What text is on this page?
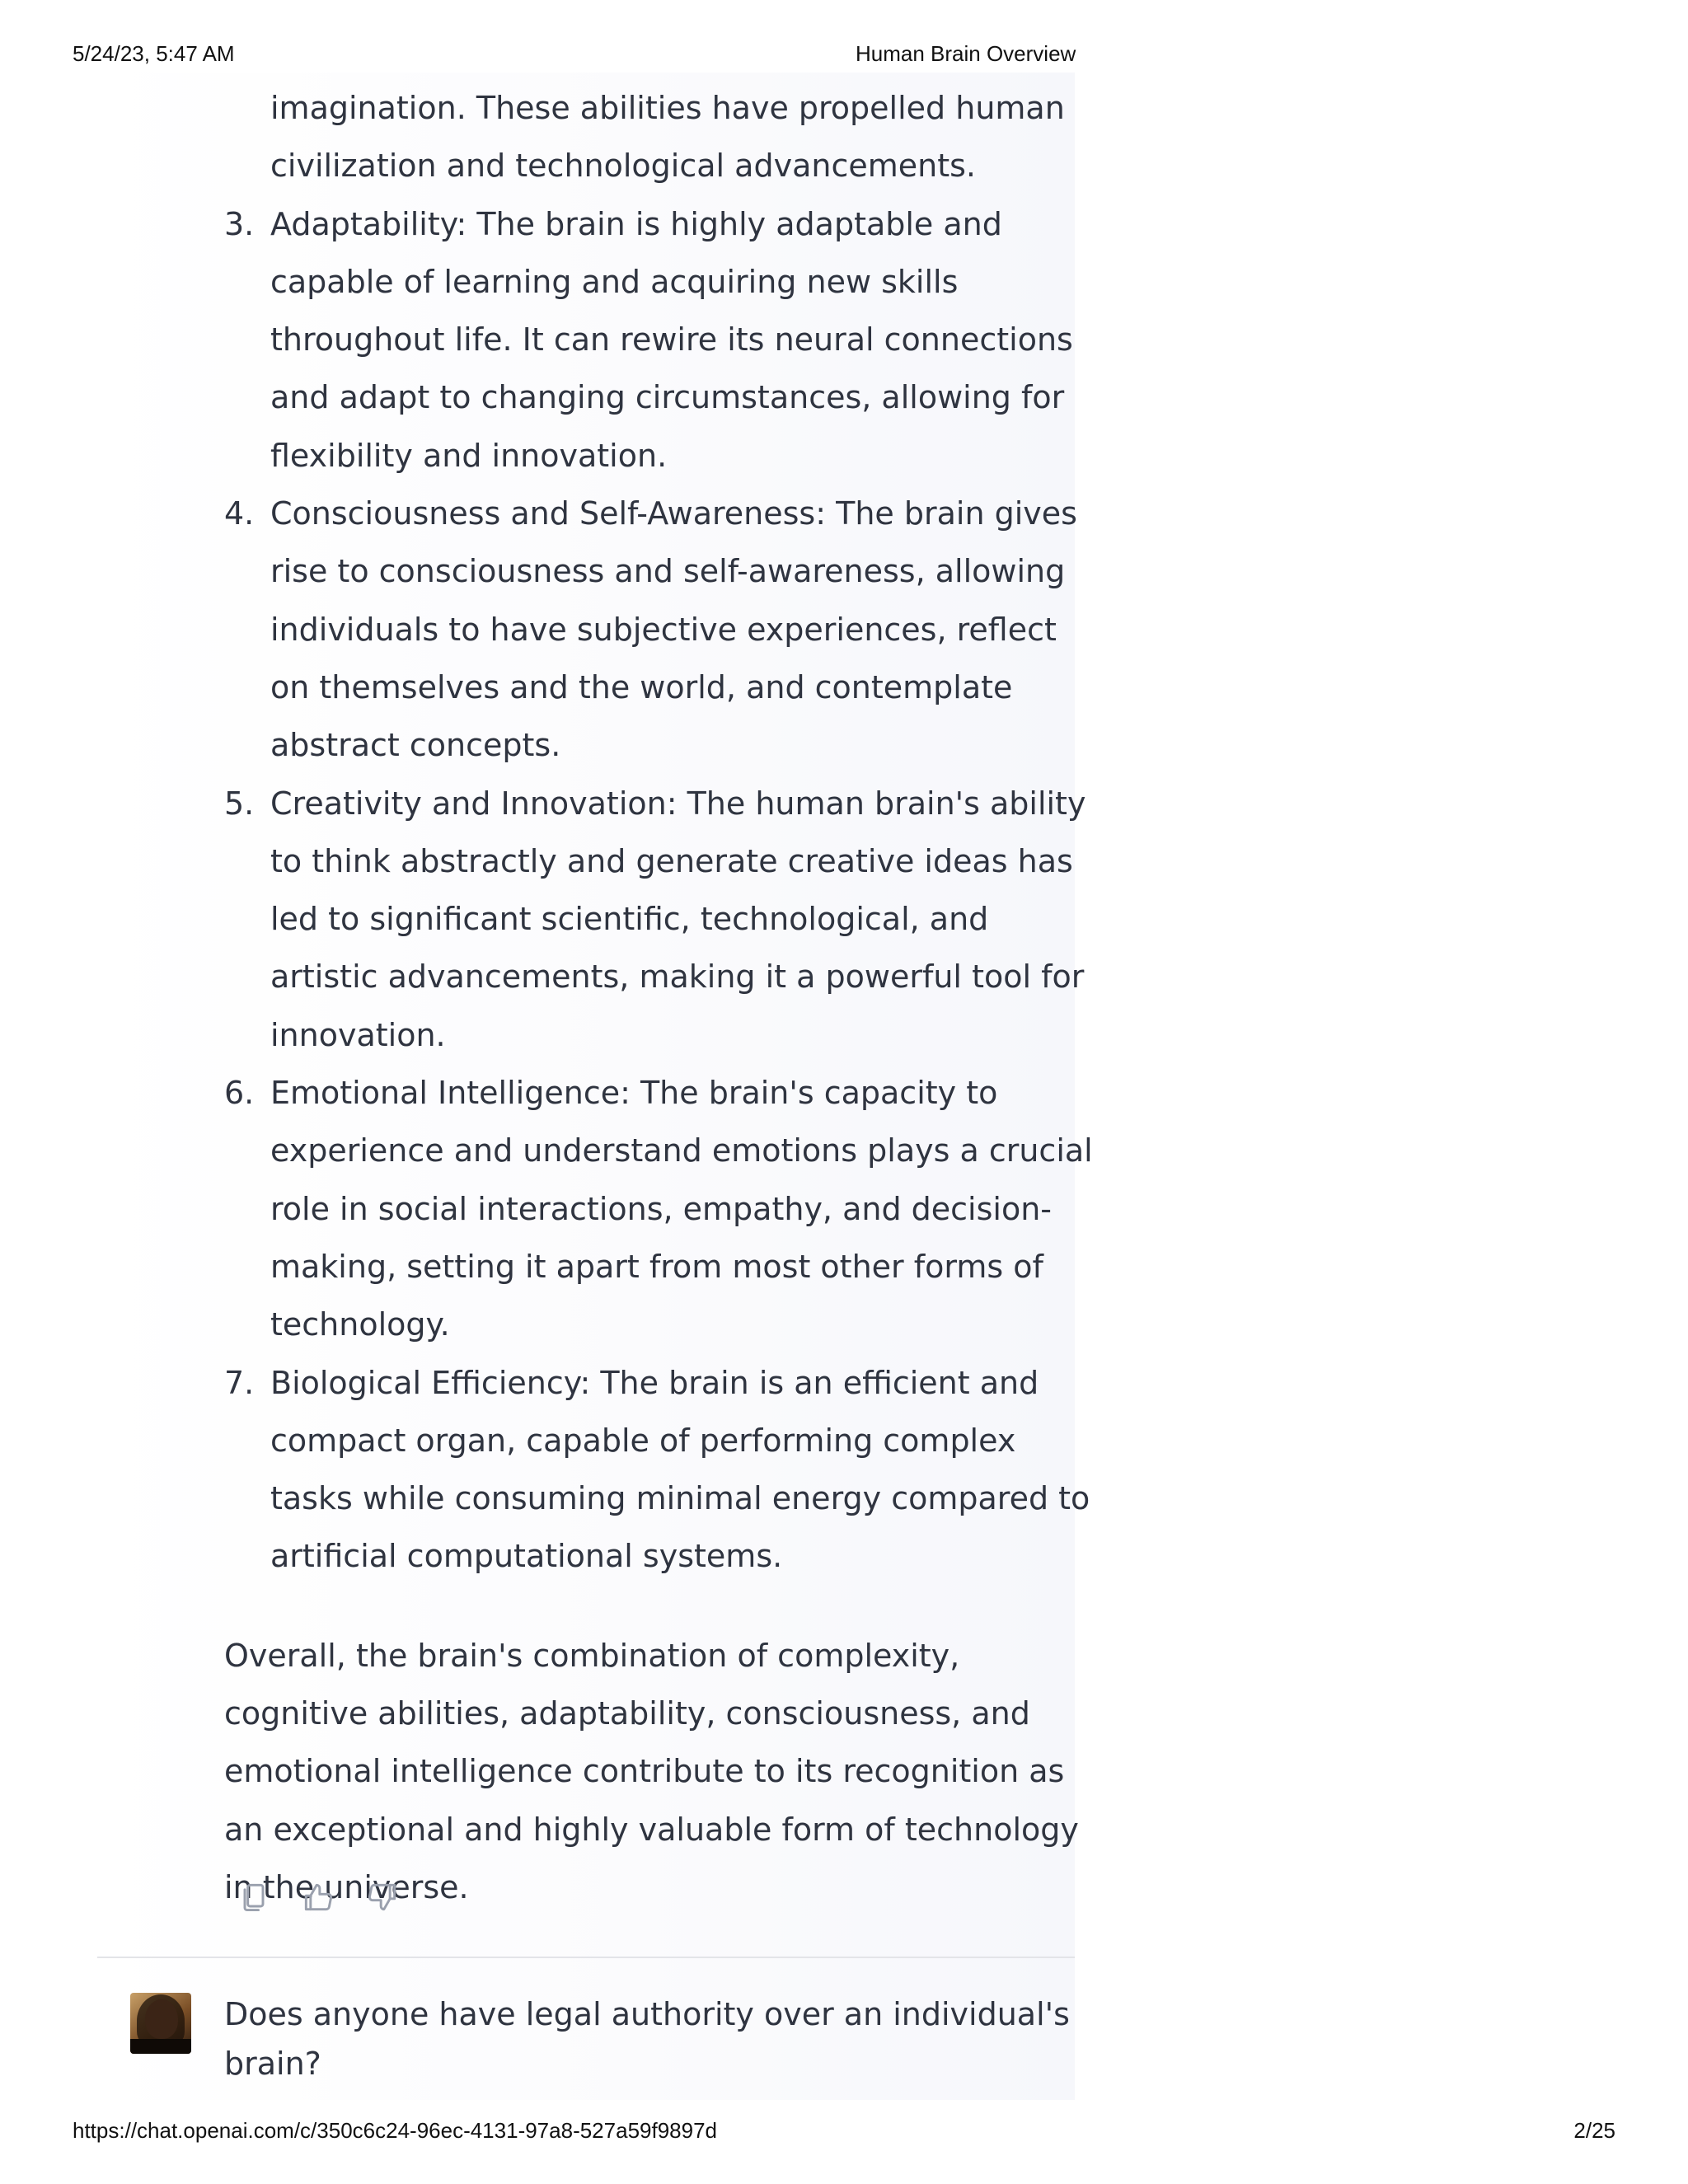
5/24/23, 5:47 AM	Human Brain Overview
imagination. These abilities have propelled human
civilization and technological advancements.
3. Adaptability: The brain is highly adaptable and
capable of learning and acquiring new skills
throughout life. It can rewire its neural connections
and adapt to changing circumstances, allowing for
flexibility and innovation.
4. Consciousness and Self-Awareness: The brain gives
rise to consciousness and self-awareness, allowing
individuals to have subjective experiences, reflect
on themselves and the world, and contemplate
abstract concepts.
5. Creativity and Innovation: The human brain's ability
to think abstractly and generate creative ideas has
led to significant scientific, technological, and
artistic advancements, making it a powerful tool for
innovation.
6. Emotional Intelligence: The brain's capacity to
experience and understand emotions plays a crucial
role in social interactions, empathy, and decision-
making, setting it apart from most other forms of
technology.
7. Biological Efficiency: The brain is an efficient and
compact organ, capable of performing complex
tasks while consuming minimal energy compared to
artificial computational systems.
Overall, the brain's combination of complexity,
cognitive abilities, adaptability, consciousness, and
emotional intelligence contribute to its recognition as
an exceptional and highly valuable form of technology
in the universe.
Does anyone have legal authority over an individual's
brain?
https://chat.openai.com/c/350c6c24-96ec-4131-97a8-527a59f9897d	2/25
